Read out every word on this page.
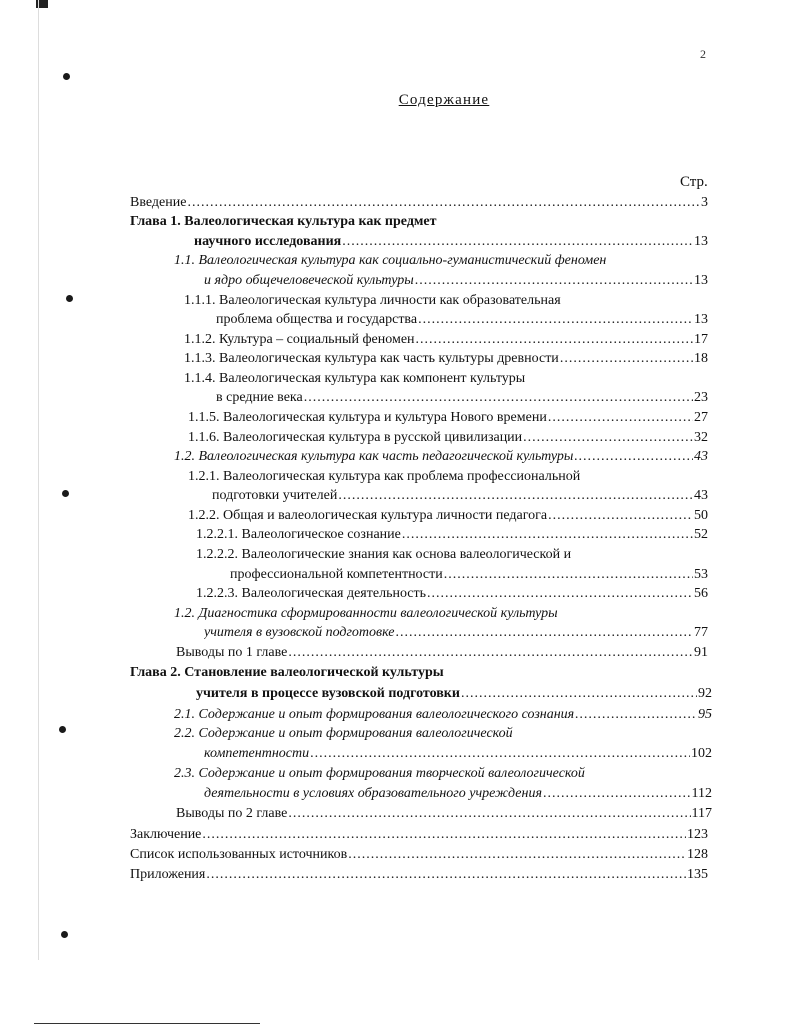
2
Содержание
Стр.
Введение .....	3
Глава 1. Валеологическая культура как предмет
научного исследования .....	13
1.1. Валеологическая культура как социально-гуманистический феномен
и ядро общечеловеческой культуры .....	13
1.1.1. Валеологическая культура личности как образовательная
проблема общества и государства .....	13
1.1.2. Культура – социальный феномен .....	17
1.1.3. Валеологическая культура как часть культуры древности .....	18
1.1.4. Валеологическая культура как компонент культуры
в средние века .....	23
1.1.5. Валеологическая культура и культура Нового времени .....	27
1.1.6. Валеологическая культура в русской цивилизации .....	32
1.2. Валеологическая культура как часть педагогической культуры .....	43
1.2.1. Валеологическая культура как проблема профессиональной
подготовки учителей .....	43
1.2.2. Общая и валеологическая культура личности педагога .....	50
1.2.2.1. Валеологическое сознание .....	52
1.2.2.2. Валеологические знания как основа валеологической и
профессиональной компетентности .....	53
1.2.2.3. Валеологическая деятельность .....	56
1.2. Диагностика сформированности валеологической культуры
учителя в вузовской подготовке .....	77
Выводы по 1 главе .....	91
Глава 2. Становление валеологической культуры
учителя в процессе вузовской подготовки .....	92
2.1. Содержание и опыт формирования валеологического сознания .....	95
2.2. Содержание и опыт формирования валеологической
компетентности .....	102
2.3. Содержание и опыт формирования творческой валеологической
деятельности в условиях образовательного учреждения .....	112
Выводы по 2 главе .....	117
Заключение .....	123
Список использованных источников .....	128
Приложения .....	135
